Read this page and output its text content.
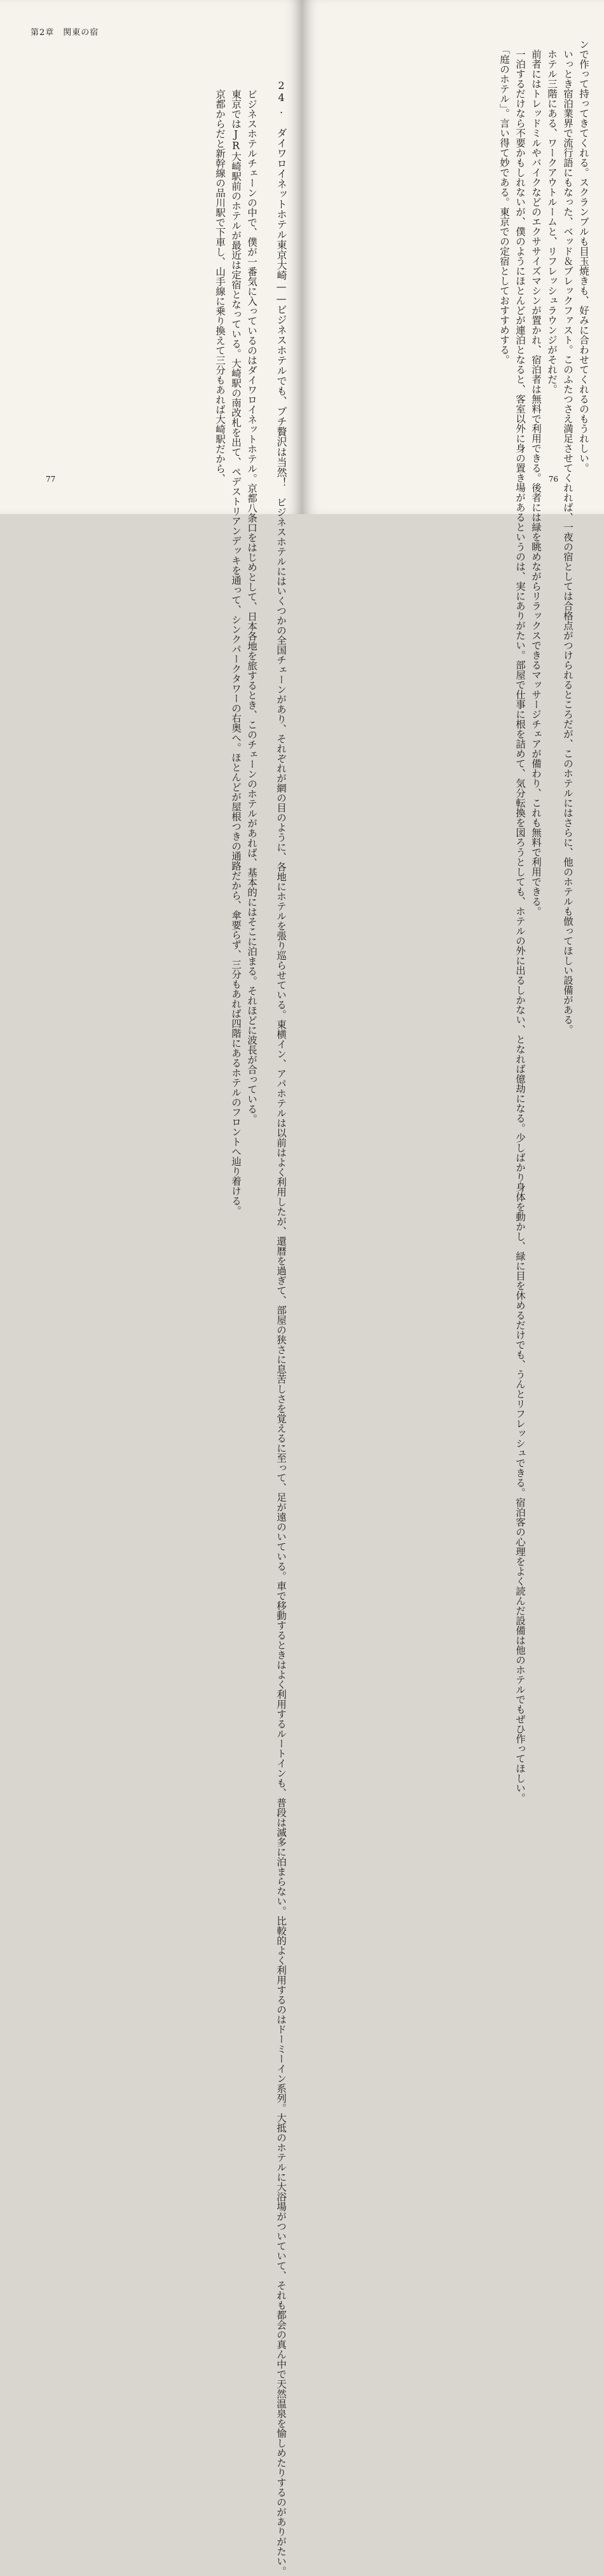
第2章　関東の宿
24. ダイワロイネットホテル東京大崎——ビジネスホテルでも、プチ贅沢は当然！　ビジネスホテルにはいくつかの全国チェーンがあり、それぞれが網の目のように、各地にホテルを張り巡らせている。東横イン、アパホテルは以前はよく利用したが、還暦を過ぎて、部屋の狭さに息苦しさを覚えるに至って、足が遠のいている。車で移動するときはよく利用するルートインも、普段は滅多に泊まらない。比較的よく利用するのはドーミーイン系列。大抵のホテルに大浴場がついていて、それも都会の真ん中で天然温泉を愉しめたりするのがありがたい。
　ビジネスホテルチェーンの中で、僕が一番気に入っているのはダイワロイネットホテル。京都八条口をはじめとして、日本各地を旅するとき、このチェーンのホテルがあれば、基本的にはそこに泊まる。それほどに波長が合っている。
　東京ではJR大崎駅前のホテルが最近は定宿となっている。大崎駅の南改札を出て、ペデストリアンデッキを通って、シンクパークタワーの右奥へ。ほとんどが屋根つきの通路だから、傘要らず、三分もあれば四階にあるホテルのフロントへ辿り着ける。
　京都からだと新幹線の品川駅で下車し、山手線に乗り換えて三分もあれば大崎駅だから、
77
ンで作って持ってきてくれる。スクランブルも目玉焼きも、好みに合わせてくれるのもうれしい。
　いっとき宿泊業界で流行語にもなった、ベッド＆ブレックファスト。このふたつさえ満足させてくれれば、一夜の宿としては合格点がつけられるところだが、このホテルにはさらに、他のホテルも倣ってほしい設備がある。
　ホテル三階にある、ワークアウトルームと、リフレッシュラウンジがそれだ。
　前者にはトレッドミルやバイクなどのエクササイズマシンが置かれ、宿泊者は無料で利用できる。後者には緑を眺めながらリラックスできるマッサージチェアが備わり、これも無料で利用できる。
　一泊するだけなら不要かもしれないが、僕のようにほとんどが連泊となると、客室以外に身の置き場があるというのは、実にありがたい。部屋で仕事に根を詰めて、気分転換を図ろうとしても、ホテルの外に出るしかない、となれば億劫になる。少しばかり身体を動かし、緑に目を休めるだけでも、うんとリフレッシュできる。宿泊客の心理をよく読んだ設備は他のホテルでもぜひ作ってほしい。
　「庭のホテル」。言い得て妙である。東京での定宿としておすすめする。
76
